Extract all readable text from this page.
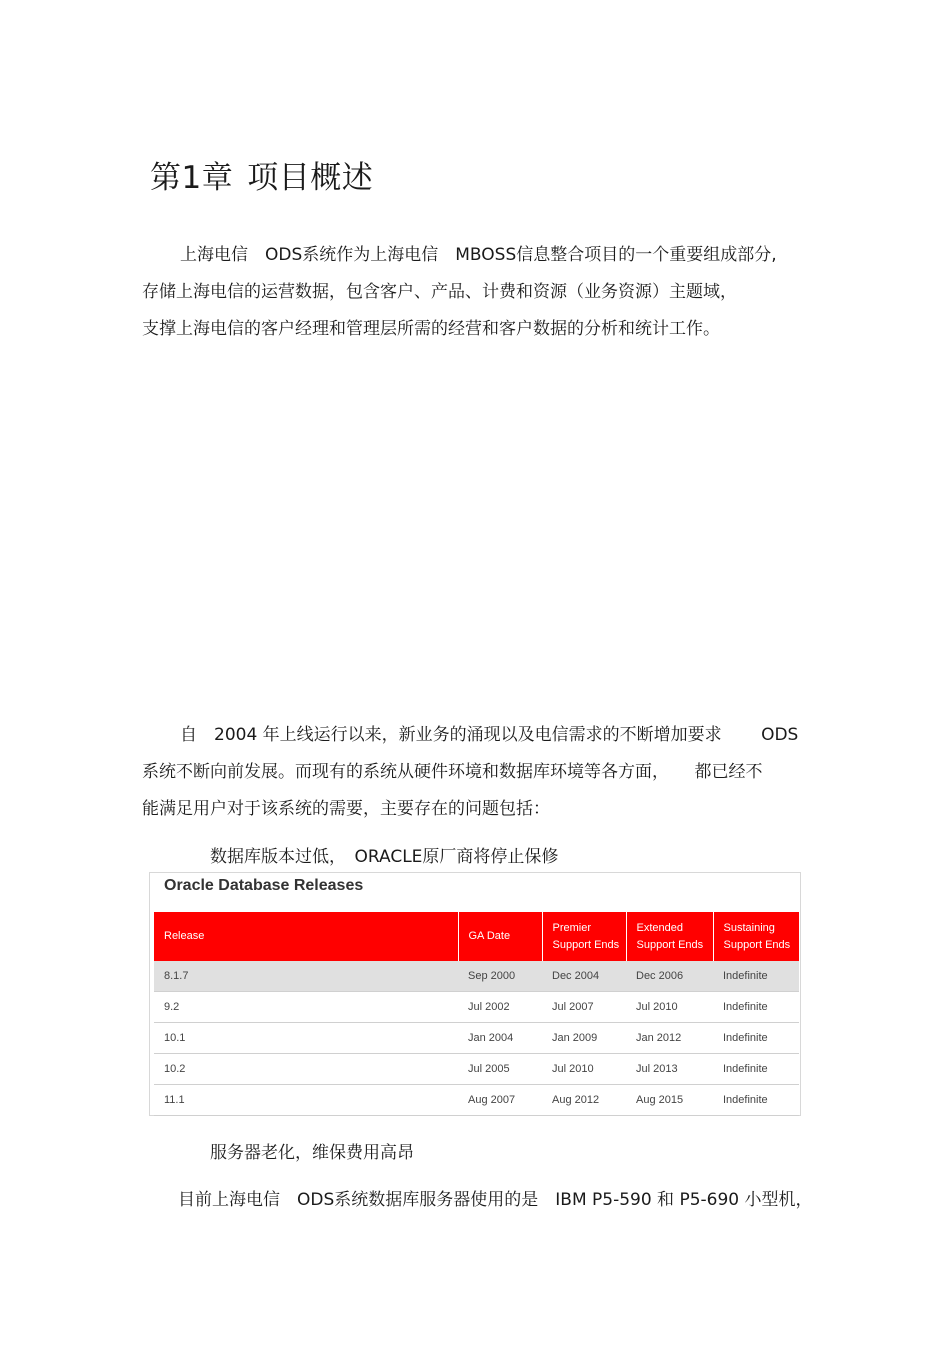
第1章 项目概述
上海电信　ODS系统作为上海电信　MBOSS信息整合项目的一个重要组成部分,
存储上海电信的运营数据，包含客户、产品、计费和资源（业务资源）主题域，
支撑上海电信的客户经理和管理层所需的经营和客户数据的分析和统计工作。
自　2004 年上线运行以来，新业务的涌现以及电信需求的不断增加要求　　 ODS
系统不断向前发展。而现有的系统从硬件环境和数据库环境等各方面，　　都已经不
能满足用户对于该系统的需要，主要存在的问题包括：
数据库版本过低，　ORACLE原厂商将停止保修
Oracle Database Releases
Release	GA Date	Premier Support Ends	Extended Support Ends	Sustaining Support Ends
8.1.7	Sep 2000	Dec 2004	Dec 2006	Indefinite
9.2	Jul 2002	Jul 2007	Jul 2010	Indefinite
10.1	Jan 2004	Jan 2009	Jan 2012	Indefinite
10.2	Jul 2005	Jul 2010	Jul 2013	Indefinite
11.1	Aug 2007	Aug 2012	Aug 2015	Indefinite
服务器老化，维保费用高昂
目前上海电信　ODS系统数据库服务器使用的是　IBM P5-590 和 P5-690 小型机，
